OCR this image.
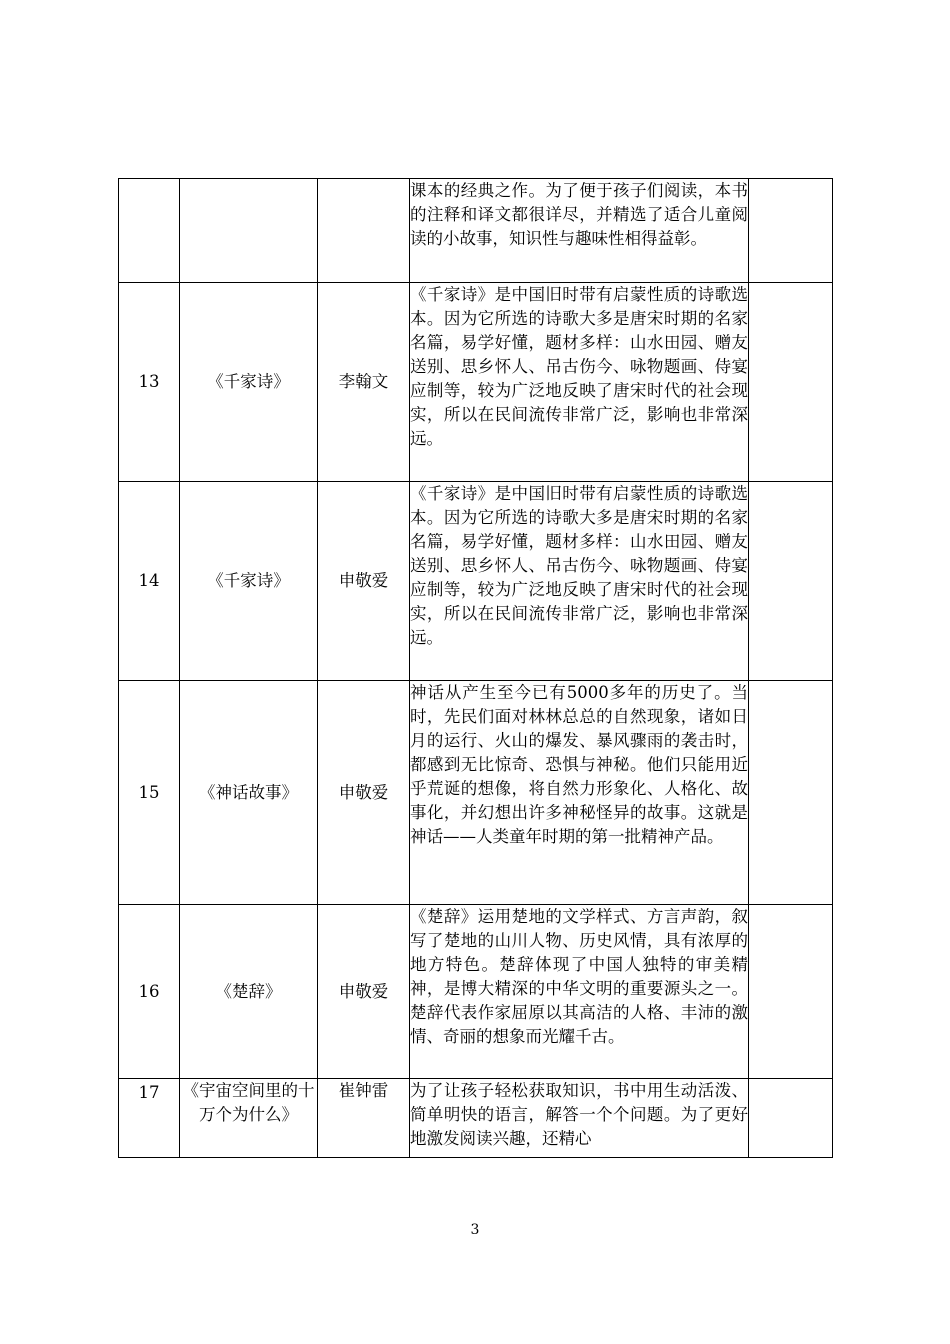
			课本的经典之作。为了便于孩子们阅读，本书的注释和译文都很详尽，并精选了适合儿童阅读的小故事，知识性与趣味性相得益彰。	
13	《千家诗》	李翰文	《千家诗》是中国旧时带有启蒙性质的诗歌选本。因为它所选的诗歌大多是唐宋时期的名家名篇，易学好懂，题材多样：山水田园、赠友送别、思乡怀人、吊古伤今、咏物题画、侍宴应制等，较为广泛地反映了唐宋时代的社会现实，所以在民间流传非常广泛，影响也非常深远。	
14	《千家诗》	申敬爱	《千家诗》是中国旧时带有启蒙性质的诗歌选本。因为它所选的诗歌大多是唐宋时期的名家名篇，易学好懂，题材多样：山水田园、赠友送别、思乡怀人、吊古伤今、咏物题画、侍宴应制等，较为广泛地反映了唐宋时代的社会现实，所以在民间流传非常广泛，影响也非常深远。	
15	《神话故事》	申敬爱	神话从产生至今已有5000多年的历史了。当时，先民们面对林林总总的自然现象，诸如日月的运行、火山的爆发、暴风骤雨的袭击时，都感到无比惊奇、恐惧与神秘。他们只能用近乎荒诞的想像，将自然力形象化、人格化、故事化，并幻想出许多神秘怪异的故事。这就是神话——人类童年时期的第一批精神产品。	
16	《楚辞》	申敬爱	《楚辞》运用楚地的文学样式、方言声韵，叙写了楚地的山川人物、历史风情，具有浓厚的地方特色。楚辞体现了中国人独特的审美精神，是博大精深的中华文明的重要源头之一。楚辞代表作家屈原以其高洁的人格、丰沛的激情、奇丽的想象而光耀千古。	
17	《宇宙空间里的十万个为什么》	崔钟雷	为了让孩子轻松获取知识，书中用生动活泼、简单明快的语言，解答一个个问题。为了更好地激发阅读兴趣，还精心	

3
